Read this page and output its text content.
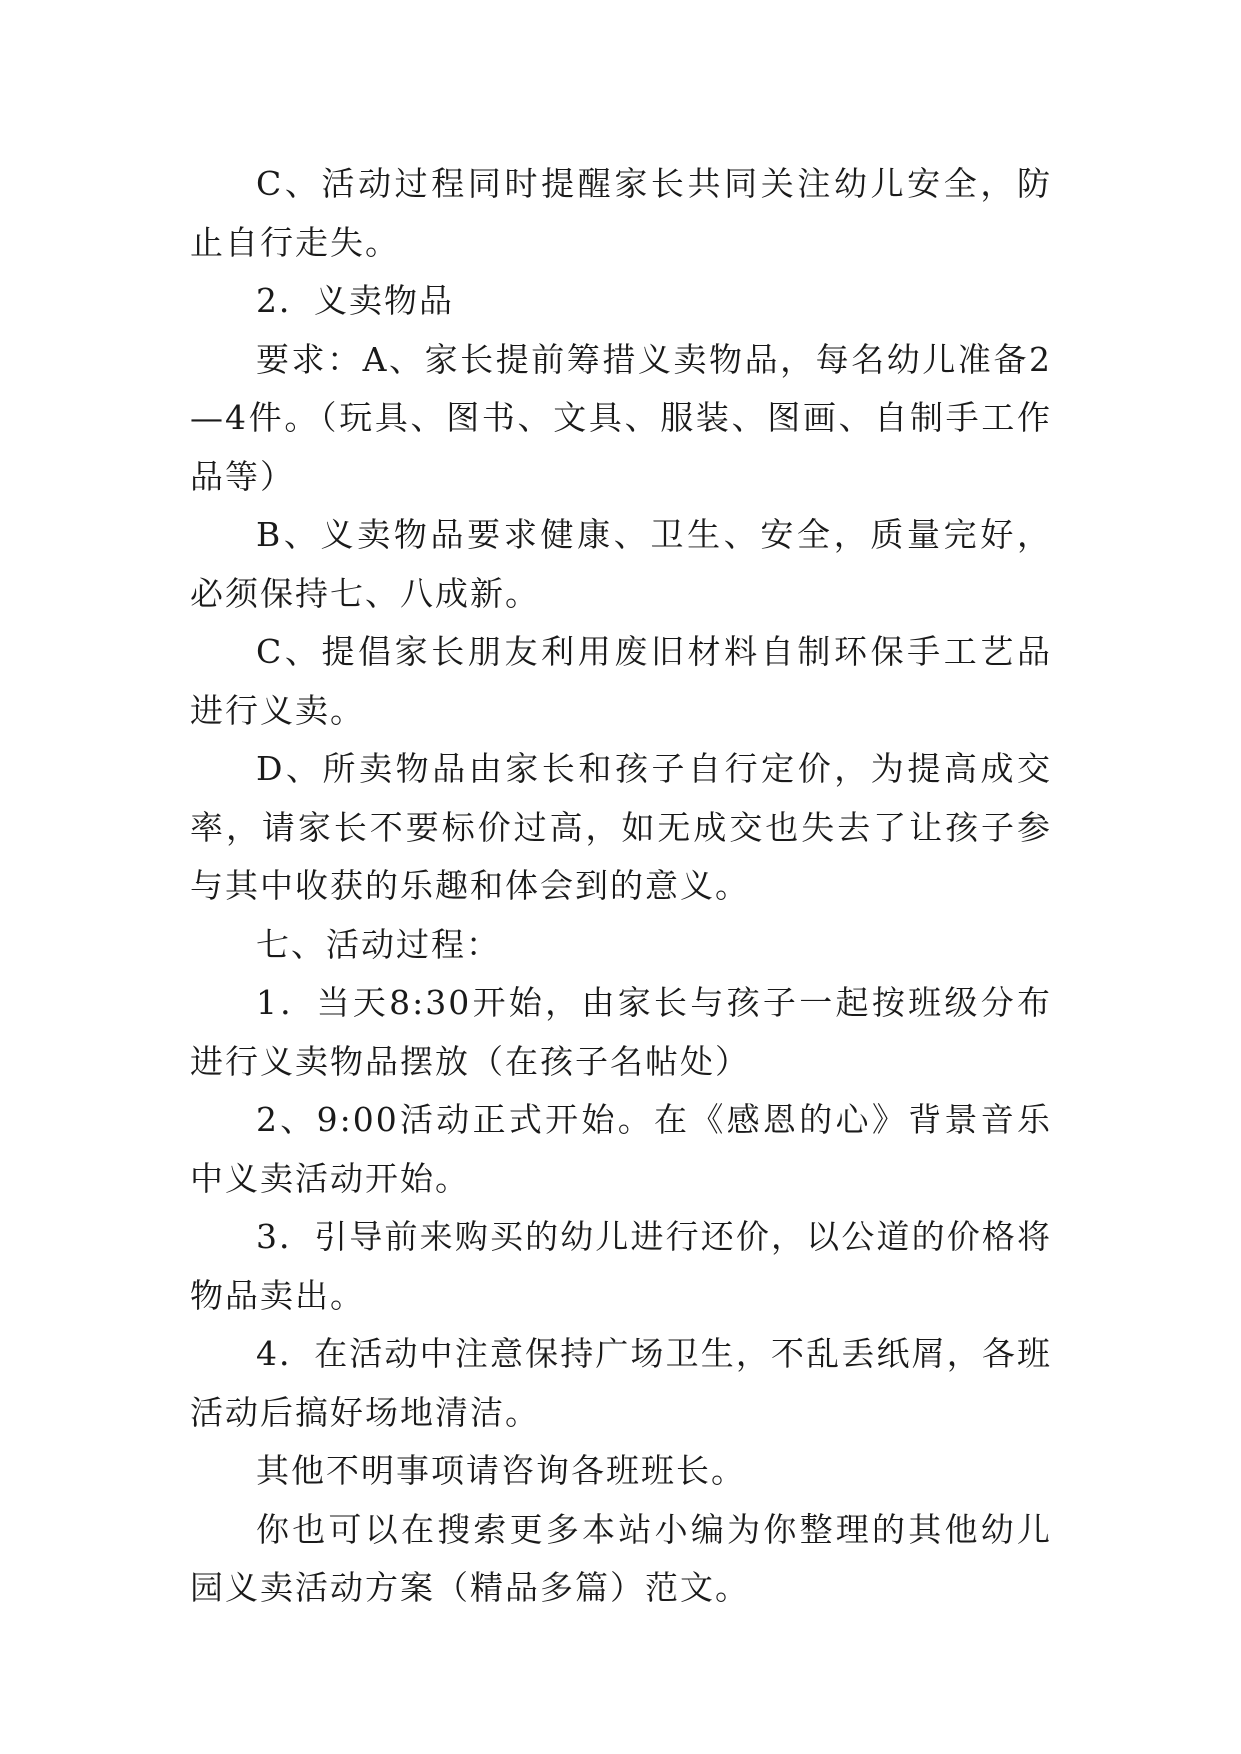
C、活动过程同时提醒家长共同关注幼儿安全，防止自行走失。

2．义卖物品

要求：A、家长提前筹措义卖物品，每名幼儿准备2—4件。（玩具、图书、文具、服装、图画、自制手工作品等）

B、义卖物品要求健康、卫生、安全，质量完好，必须保持七、八成新。

C、提倡家长朋友利用废旧材料自制环保手工艺品进行义卖。

D、所卖物品由家长和孩子自行定价，为提高成交率，请家长不要标价过高，如无成交也失去了让孩子参与其中收获的乐趣和体会到的意义。

七、活动过程：

1．当天8:30开始，由家长与孩子一起按班级分布进行义卖物品摆放（在孩子名帖处）

2、9:00活动正式开始。在《感恩的心》背景音乐中义卖活动开始。

3．引导前来购买的幼儿进行还价，以公道的价格将物品卖出。

4．在活动中注意保持广场卫生，不乱丢纸屑，各班活动后搞好场地清洁。

其他不明事项请咨询各班班长。

你也可以在搜索更多本站小编为你整理的其他幼儿园义卖活动方案（精品多篇）范文。
